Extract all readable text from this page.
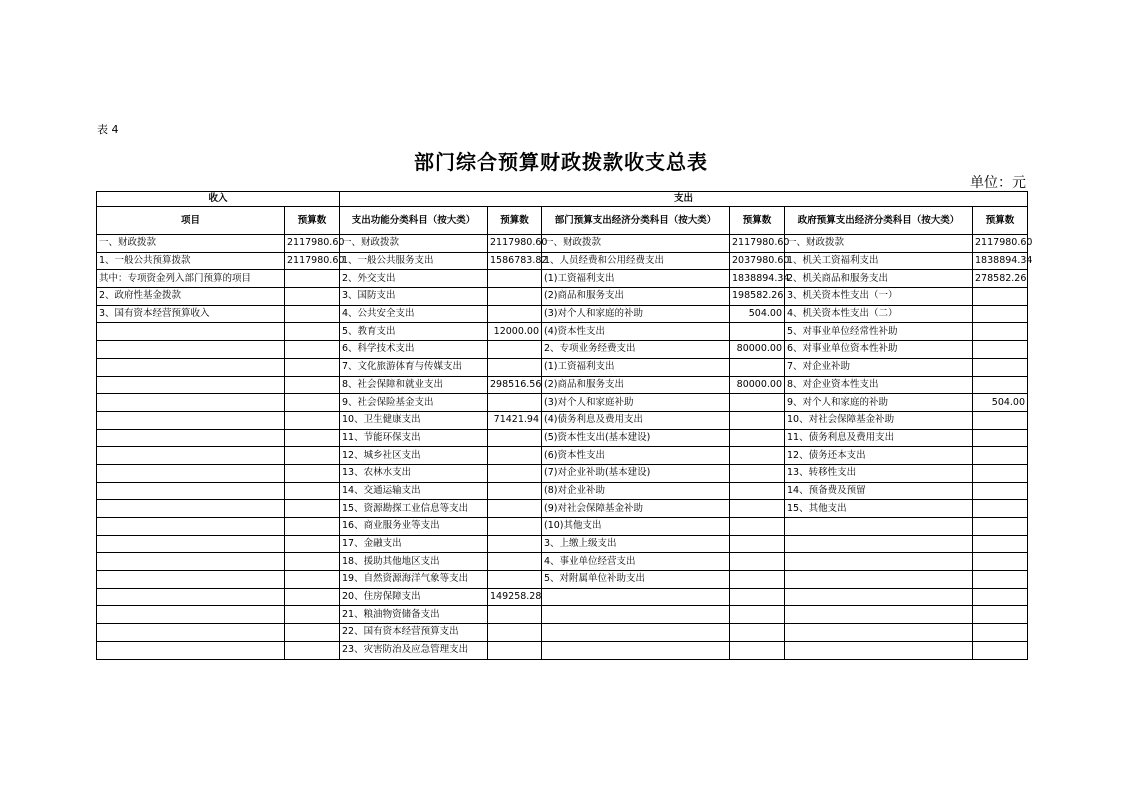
表 4
部门综合预算财政拨款收支总表
单位：元
收入		支出					
项目	预算数	支出功能分类科目（按大类）	预算数	部门预算支出经济分类科目（按大类）	预算数	政府预算支出经济分类科目（按大类）	预算数
一、财政拨款	2117980.60	一、财政拨款	2117980.60	一、财政拨款	2117980.60	一、财政拨款	2117980.60
1、一般公共预算拨款	2117980.60	1、一般公共服务支出	1586783.82	1、人员经费和公用经费支出	2037980.60	1、机关工资福利支出	1838894.34
其中：专项资金列入部门预算的项目		2、外交支出		(1)工资福利支出	1838894.34	2、机关商品和服务支出	278582.26
2、政府性基金拨款		3、国防支出		(2)商品和服务支出	198582.26	3、机关资本性支出（一）	
3、国有资本经营预算收入		4、公共安全支出		(3)对个人和家庭的补助	504.00	4、机关资本性支出（二）	
		5、教育支出	12000.00	(4)资本性支出		5、对事业单位经常性补助	
		6、科学技术支出		2、专项业务经费支出	80000.00	6、对事业单位资本性补助	
		7、文化旅游体育与传媒支出		(1)工资福利支出		7、对企业补助	
		8、社会保障和就业支出	298516.56	(2)商品和服务支出	80000.00	8、对企业资本性支出	
		9、社会保险基金支出		(3)对个人和家庭补助		9、对个人和家庭的补助	504.00
		10、卫生健康支出	71421.94	(4)债务利息及费用支出		10、对社会保障基金补助	
		11、节能环保支出		(5)资本性支出(基本建设)		11、债务利息及费用支出	
		12、城乡社区支出		(6)资本性支出		12、债务还本支出	
		13、农林水支出		(7)对企业补助(基本建设)		13、转移性支出	
		14、交通运输支出		(8)对企业补助		14、预备费及预留	
		15、资源勘探工业信息等支出		(9)对社会保障基金补助		15、其他支出	
		16、商业服务业等支出		(10)其他支出			
		17、金融支出		3、上缴上级支出			
		18、援助其他地区支出		4、事业单位经营支出			
		19、自然资源海洋气象等支出		5、对附属单位补助支出			
		20、住房保障支出	149258.28				
		21、粮油物资储备支出					
		22、国有资本经营预算支出					
		23、灾害防治及应急管理支出					
